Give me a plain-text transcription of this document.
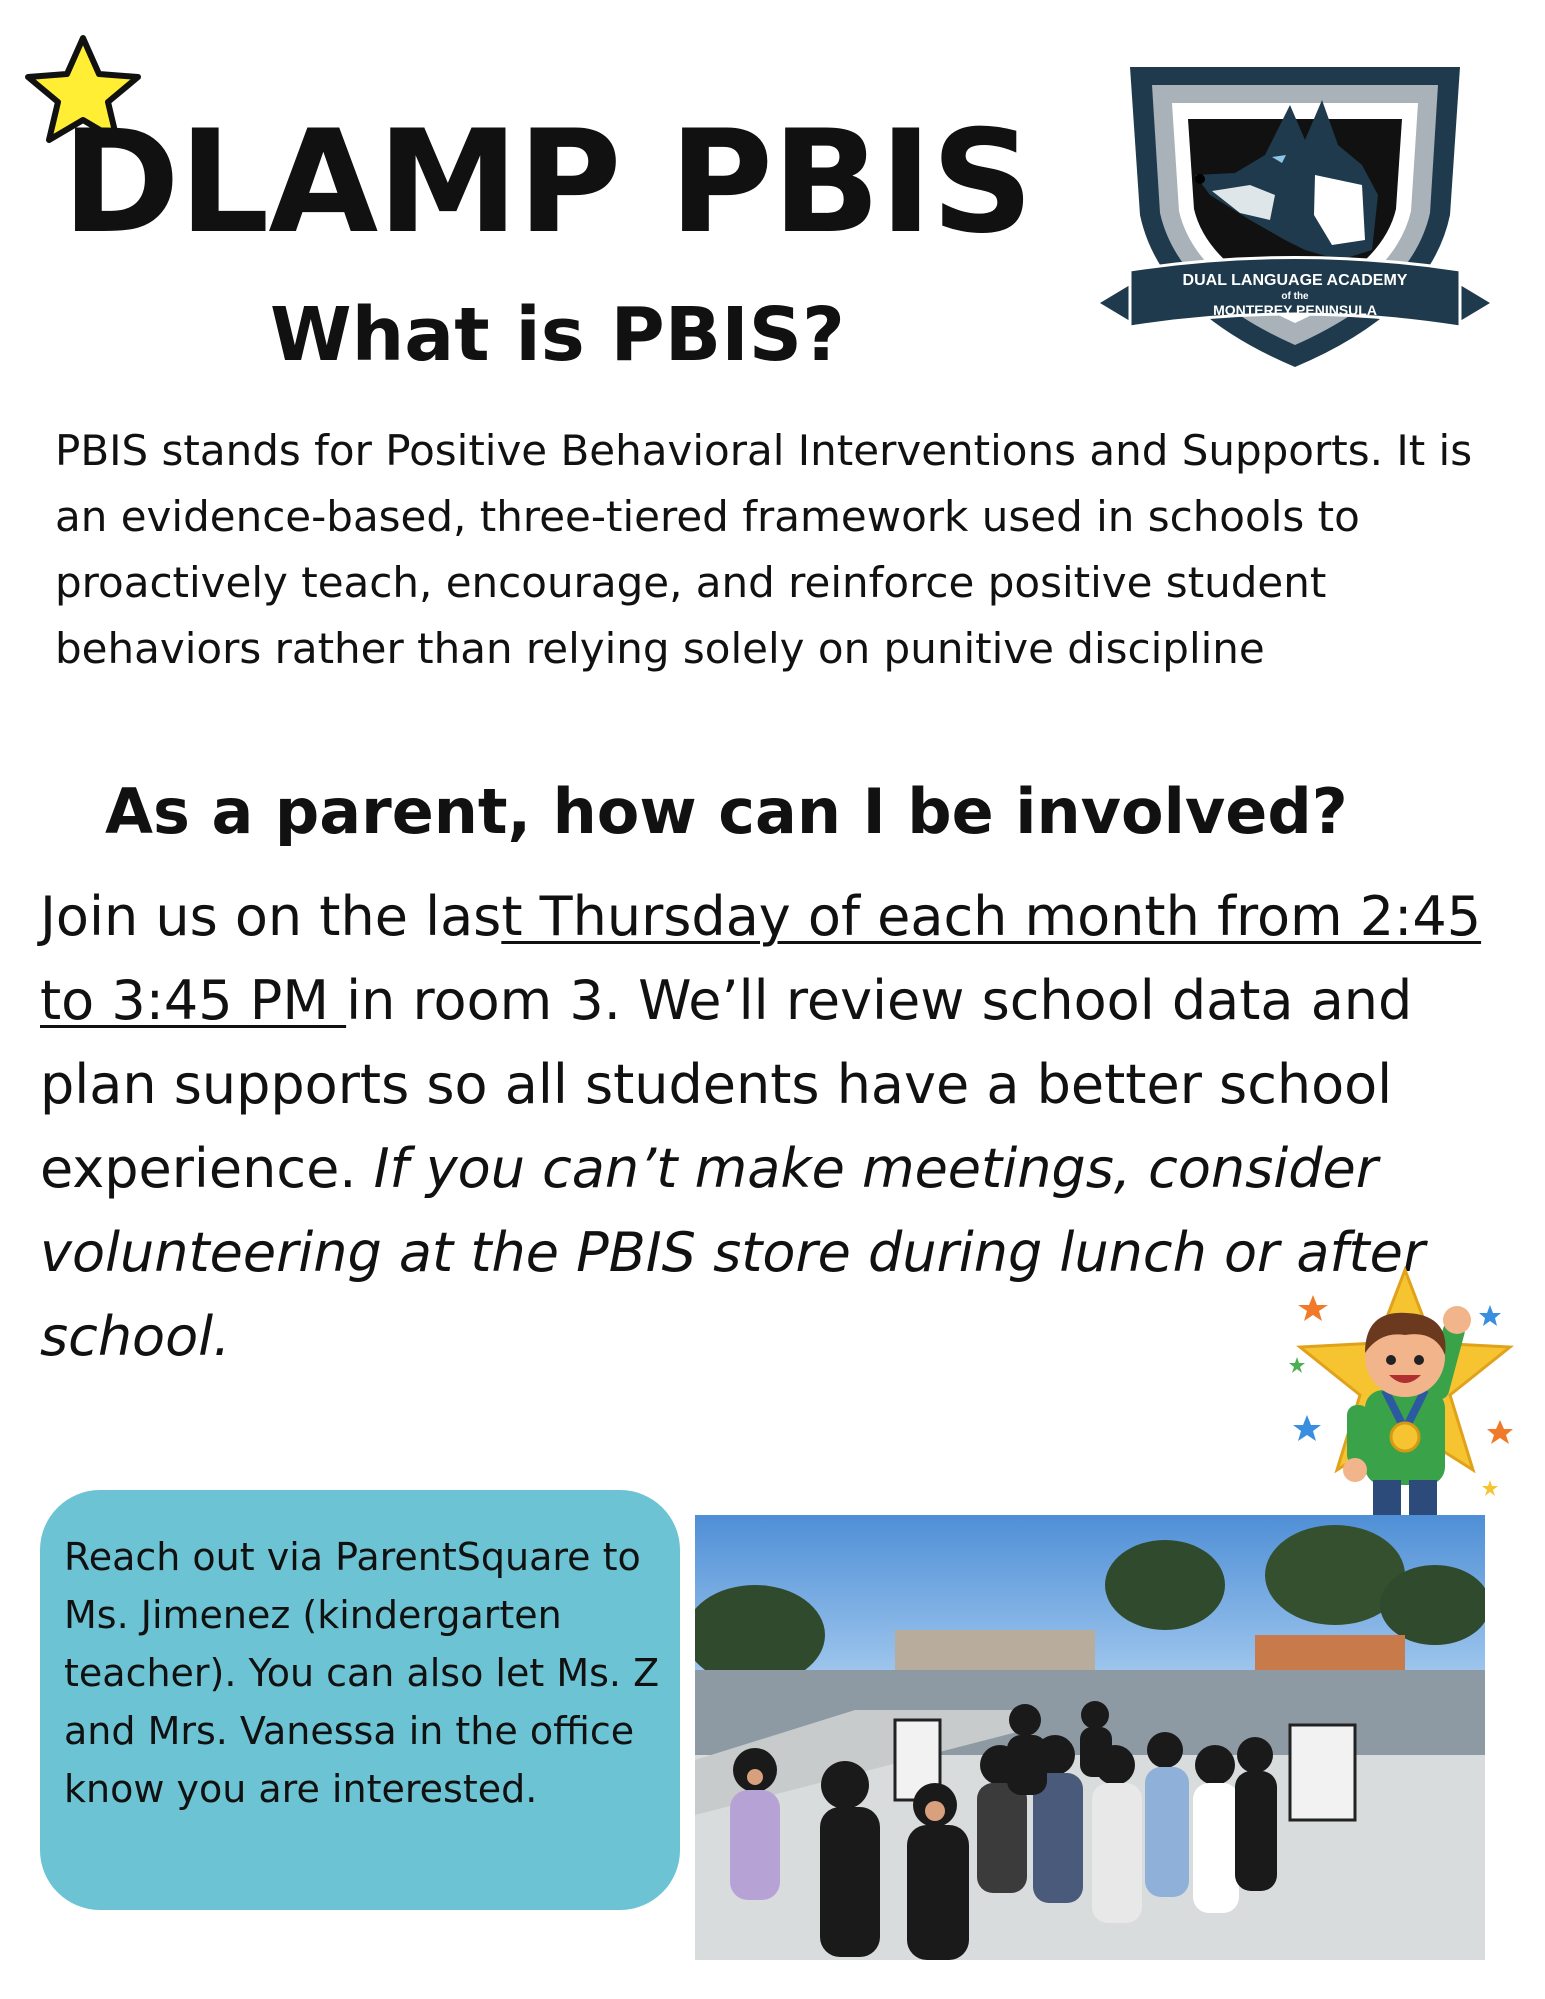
DLAMP PBIS
DUAL LANGUAGE ACADEMY
of the
MONTEREY PENINSULA
What is PBIS?

PBIS stands for Positive Behavioral Interventions and Supports. It is an evidence-based, three-tiered framework used in schools to proactively teach, encourage, and reinforce positive student behaviors rather than relying solely on punitive discipline

As a parent, how can I be involved?

Join us on the last Thursday of each month from 2:45 to 3:45 PM in room 3. We’ll review school data and plan supports so all students have a better school experience. If you can’t make meetings, consider volunteering at the PBIS store during lunch or after school.

Reach out via ParentSquare to Ms. Jimenez (kindergarten teacher). You can also let Ms. Z and Mrs. Vanessa in the office know you are interested.
